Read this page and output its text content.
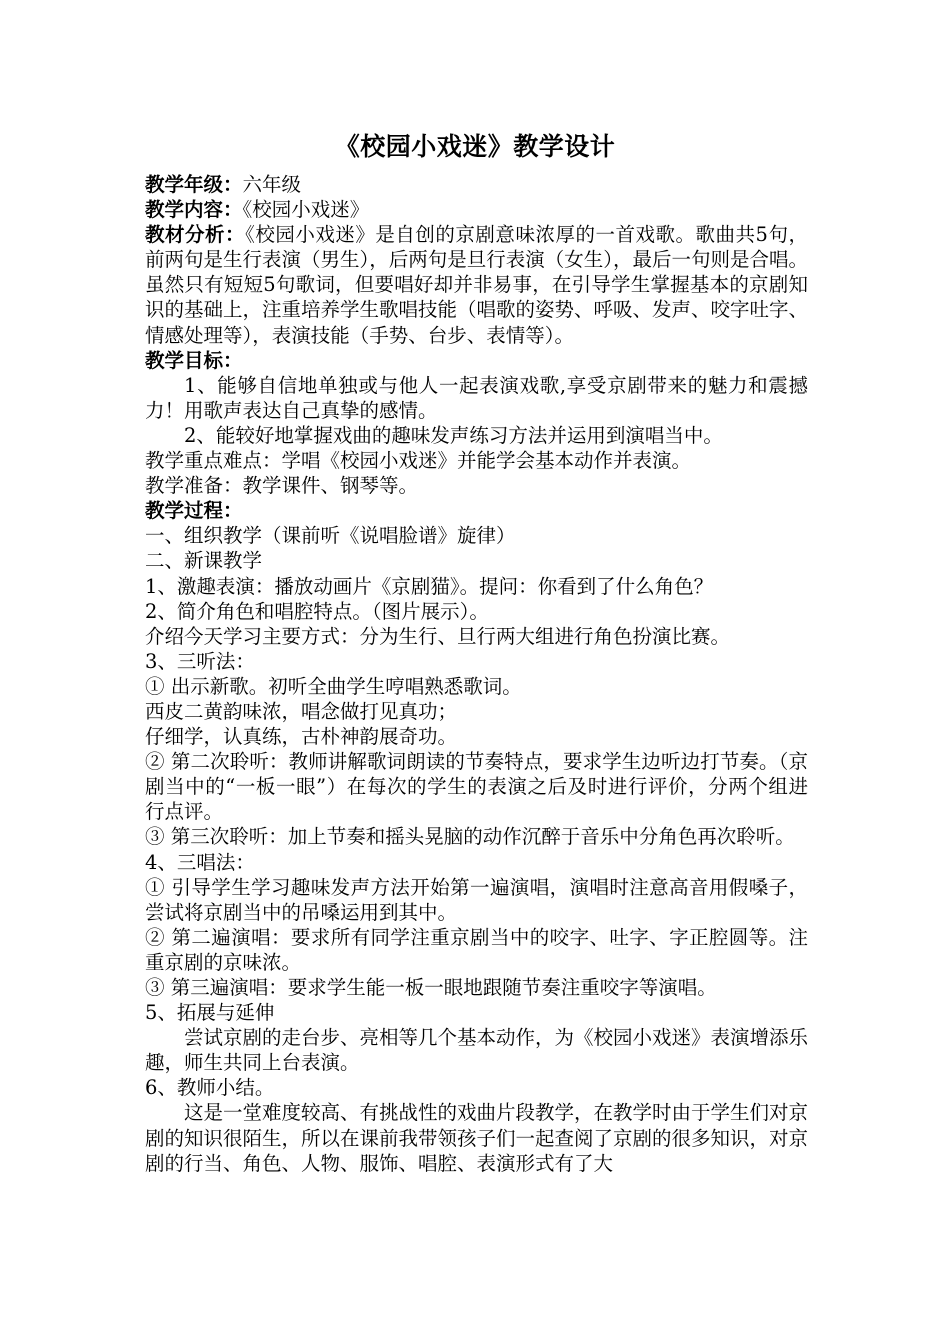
《校园小戏迷》教学设计

教学年级：六年级

教学内容：《校园小戏迷》

教材分析：《校园小戏迷》是自创的京剧意味浓厚的一首戏歌。歌曲共5句，前两句是生行表演（男生），后两句是旦行表演（女生），最后一句则是合唱。虽然只有短短5句歌词，但要唱好却并非易事，在引导学生掌握基本的京剧知识的基础上，注重培养学生歌唱技能（唱歌的姿势、呼吸、发声、咬字吐字、情感处理等），表演技能（手势、台步、表情等）。

教学目标：

1、能够自信地单独或与他人一起表演戏歌,享受京剧带来的魅力和震撼力！用歌声表达自己真挚的感情。

2、能较好地掌握戏曲的趣味发声练习方法并运用到演唱当中。

教学重点难点：学唱《校园小戏迷》并能学会基本动作并表演。

教学准备：教学课件、钢琴等。

教学过程：

一、组织教学（课前听《说唱脸谱》旋律）

二、新课教学

1、激趣表演：播放动画片《京剧猫》。提问：你看到了什么角色？

2、简介角色和唱腔特点。（图片展示）。

介绍今天学习主要方式：分为生行、旦行两大组进行角色扮演比赛。

3、三听法：

① 出示新歌。初听全曲学生哼唱熟悉歌词。

西皮二黄韵味浓，唱念做打见真功；

仔细学，认真练，古朴神韵展奇功。

② 第二次聆听：教师讲解歌词朗读的节奏特点，要求学生边听边打节奏。（京剧当中的“一板一眼”）在每次的学生的表演之后及时进行评价，分两个组进行点评。

③ 第三次聆听：加上节奏和摇头晃脑的动作沉醉于音乐中分角色再次聆听。

4、三唱法：

① 引导学生学习趣味发声方法开始第一遍演唱，演唱时注意高音用假嗓子，尝试将京剧当中的吊嗓运用到其中。

② 第二遍演唱：要求所有同学注重京剧当中的咬字、吐字、字正腔圆等。注重京剧的京味浓。

③ 第三遍演唱：要求学生能一板一眼地跟随节奏注重咬字等演唱。

5、拓展与延伸

尝试京剧的走台步、亮相等几个基本动作，为《校园小戏迷》表演增添乐趣，师生共同上台表演。

6、教师小结。

这是一堂难度较高、有挑战性的戏曲片段教学，在教学时由于学生们对京剧的知识很陌生，所以在课前我带领孩子们一起查阅了京剧的很多知识，对京剧的行当、角色、人物、服饰、唱腔、表演形式有了大
